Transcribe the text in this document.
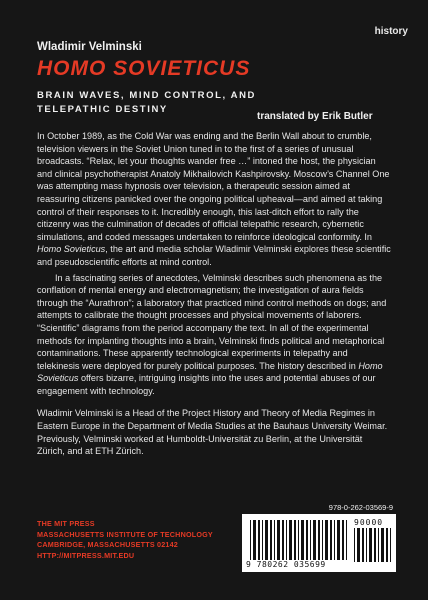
history
Wladimir Velminski
HOMO SOVIETICUS
BRAIN WAVES, MIND CONTROL, AND
TELEPATHIC DESTINY
translated by Erik Butler

In October 1989, as the Cold War was ending and the Berlin Wall about to crumble, television viewers in the Soviet Union tuned in to the first of a series of unusual broadcasts. “Relax, let your thoughts wander free …” intoned the host, the physician and clinical psychotherapist Anatoly Mikhailovich Kashpirovsky. Moscow’s Channel One was attempting mass hypnosis over television, a therapeutic session aimed at reassuring citizens panicked over the ongoing political upheaval—and aimed at taking control of their responses to it. Incredibly enough, this last-ditch effort to rally the citizenry was the culmination of decades of official telepathic research, cybernetic simulations, and coded messages undertaken to reinforce ideological conformity. In Homo Sovieticus, the art and media scholar Wladimir Velminski explores these scientific and pseudoscientific efforts at mind control.

In a fascinating series of anecdotes, Velminski describes such phenomena as the conflation of mental energy and electromagnetism; the investigation of aura fields through the “Aurathron”; a laboratory that practiced mind control methods on dogs; and attempts to calibrate the thought processes and physical movements of laborers. “Scientific” diagrams from the period accompany the text. In all of the experimental methods for implanting thoughts into a brain, Velminski finds political and metaphorical contaminations. These apparently technological experiments in telepathy and telekinesis were deployed for purely political purposes. The history described in Homo Sovieticus offers bizarre, intriguing insights into the uses and potential abuses of our engagement with technology.

Wladimir Velminski is a Head of the Project History and Theory of Media Regimes in Eastern Europe in the Department of Media Studies at the Bauhaus University Weimar. Previously, Velminski worked at Humboldt-Universität zu Berlin, at the Universität Zürich, and at ETH Zürich.

978-0-262-03569-9
THE MIT PRESS
MASSACHUSETTS INSTITUTE OF TECHNOLOGY
CAMBRIDGE, MASSACHUSETTS 02142
HTTP://MITPRESS.MIT.EDU
9 780262 035699
90000
